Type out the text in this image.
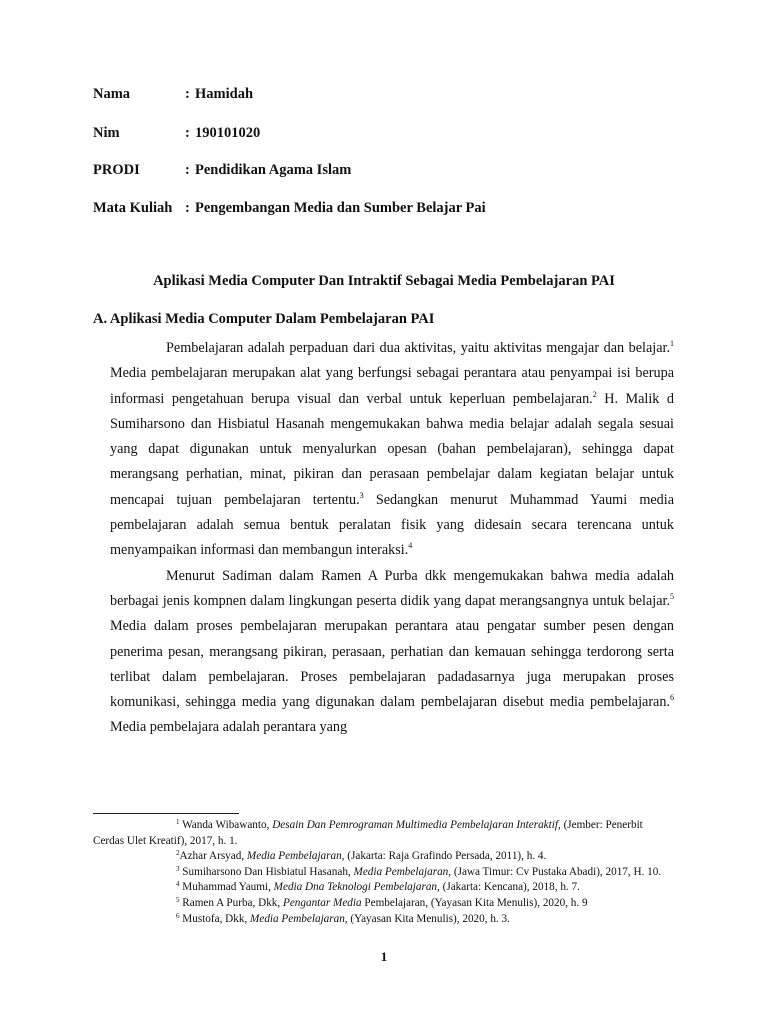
Nama	: Hamidah
Nim	: 190101020
PRODI	: Pendidikan Agama Islam
Mata Kuliah : Pengembangan Media dan Sumber Belajar Pai
Aplikasi Media Computer Dan Intraktif Sebagai Media Pembelajaran PAI
A. Aplikasi Media Computer Dalam Pembelajaran PAI

Pembelajaran adalah perpaduan dari dua aktivitas, yaitu aktivitas mengajar dan belajar.$^1$ Media pembelajaran merupakan alat yang berfungsi sebagai perantara atau penyampai isi berupa informasi pengetahuan berupa visual dan verbal untuk keperluan pembelajaran.$^2$ H. Malik d Sumiharsono dan Hisbiatul Hasanah mengemukakan bahwa media belajar adalah segala sesuai yang dapat digunakan untuk menyalurkan opesan (bahan pembelajaran), sehingga dapat merangsang perhatian, minat, pikiran dan perasaan pembelajar dalam kegiatan belajar untuk mencapai tujuan pembelajaran tertentu.$^3$ Sedangkan menurut Muhammad Yaumi media pembelajaran adalah semua bentuk peralatan fisik yang didesain secara terencana untuk menyampaikan informasi dan membangun interaksi.$^4$

Menurut Sadiman dalam Ramen A Purba dkk mengemukakan bahwa media adalah berbagai jenis kompnen dalam lingkungan peserta didik yang dapat merangsangnya untuk belajar.$^5$ Media dalam proses pembelajaran merupakan perantara atau pengatar sumber pesen dengan penerima pesan, merangsang pikiran, perasaan, perhatian dan kemauan sehingga terdorong serta terlibat dalam pembelajaran. Proses pembelajaran padadasarnya juga merupakan proses komunikasi, sehingga media yang digunakan dalam pembelajaran disebut media pembelajaran.$^6$ Media pembelajara adalah perantara yang

$^1$ Wanda Wibawanto, Desain Dan Pemrograman Multimedia Pembelajaran Interaktif, (Jember: Penerbit Cerdas Ulet Kreatif), 2017, h. 1.

$^2$Azhar Arsyad, Media Pembelajaran, (Jakarta: Raja Grafindo Persada, 2011), h. 4.

$^3$ Sumiharsono Dan Hisbiatul Hasanah, Media Pembelajaran, (Jawa Timur: Cv Pustaka Abadi), 2017, H. 10.

$^4$ Muhammad Yaumi, Media Dna Teknologi Pembelajaran, (Jakarta: Kencana), 2018, h. 7.

$^5$ Ramen A Purba, Dkk, Pengantar Media Pembelajaran, (Yayasan Kita Menulis), 2020, h. 9

$^6$ Mustofa, Dkk, Media Pembelajaran, (Yayasan Kita Menulis), 2020, h. 3.

1
